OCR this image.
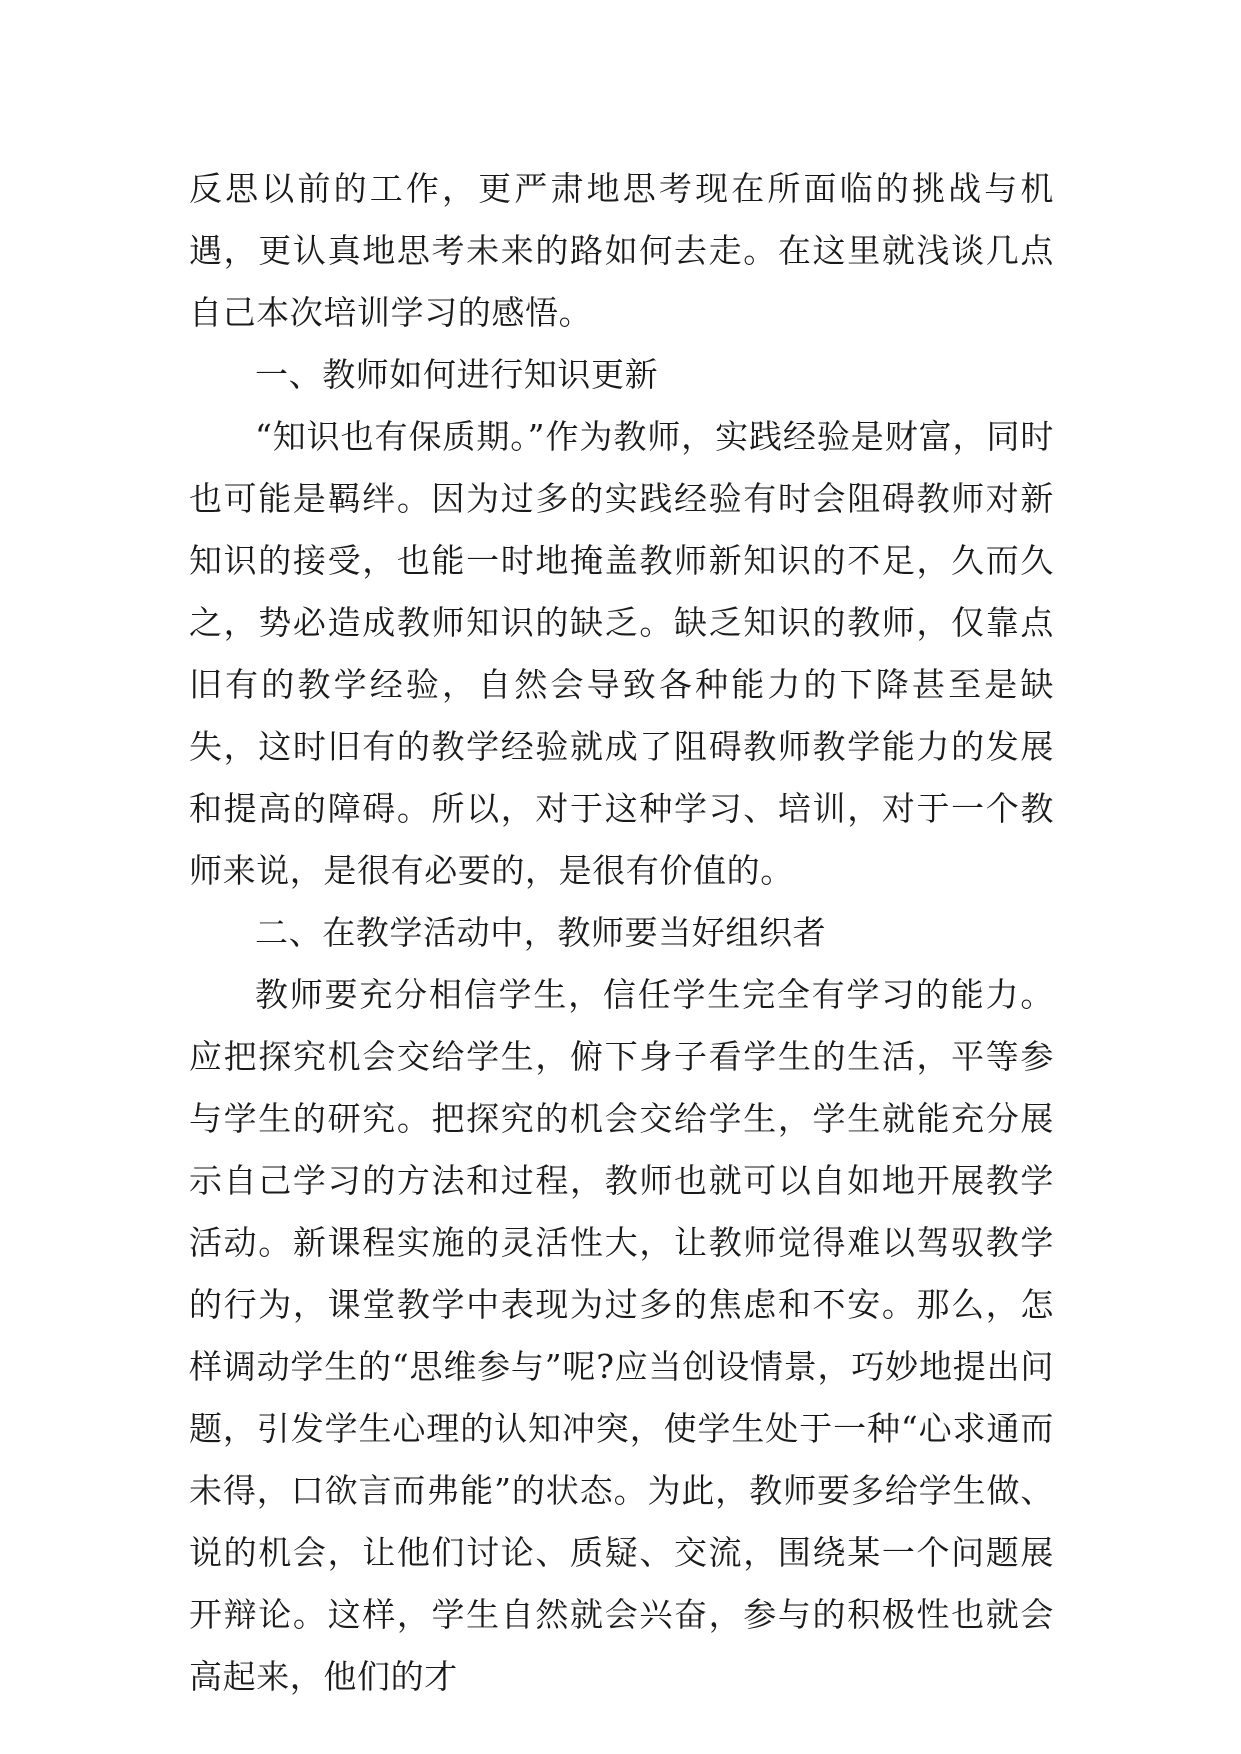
反思以前的工作，更严肃地思考现在所面临的挑战与机遇，更认真地思考未来的路如何去走。在这里就浅谈几点自己本次培训学习的感悟。

一、教师如何进行知识更新

“知识也有保质期。”作为教师，实践经验是财富，同时也可能是羁绊。因为过多的实践经验有时会阻碍教师对新知识的接受，也能一时地掩盖教师新知识的不足，久而久之，势必造成教师知识的缺乏。缺乏知识的教师，仅靠点旧有的教学经验，自然会导致各种能力的下降甚至是缺失，这时旧有的教学经验就成了阻碍教师教学能力的发展和提高的障碍。所以，对于这种学习、培训，对于一个教师来说，是很有必要的，是很有价值的。

二、在教学活动中，教师要当好组织者

教师要充分相信学生，信任学生完全有学习的能力。应把探究机会交给学生，俯下身子看学生的生活，平等参与学生的研究。把探究的机会交给学生，学生就能充分展示自己学习的方法和过程，教师也就可以自如地开展教学活动。新课程实施的灵活性大，让教师觉得难以驾驭教学的行为，课堂教学中表现为过多的焦虑和不安。那么，怎样调动学生的“思维参与”呢?应当创设情景，巧妙地提出问题，引发学生心理的认知冲突，使学生处于一种“心求通而未得，口欲言而弗能”的状态。为此，教师要多给学生做、说的机会，让他们讨论、质疑、交流，围绕某一个问题展开辩论。这样，学生自然就会兴奋，参与的积极性也就会高起来，他们的才
